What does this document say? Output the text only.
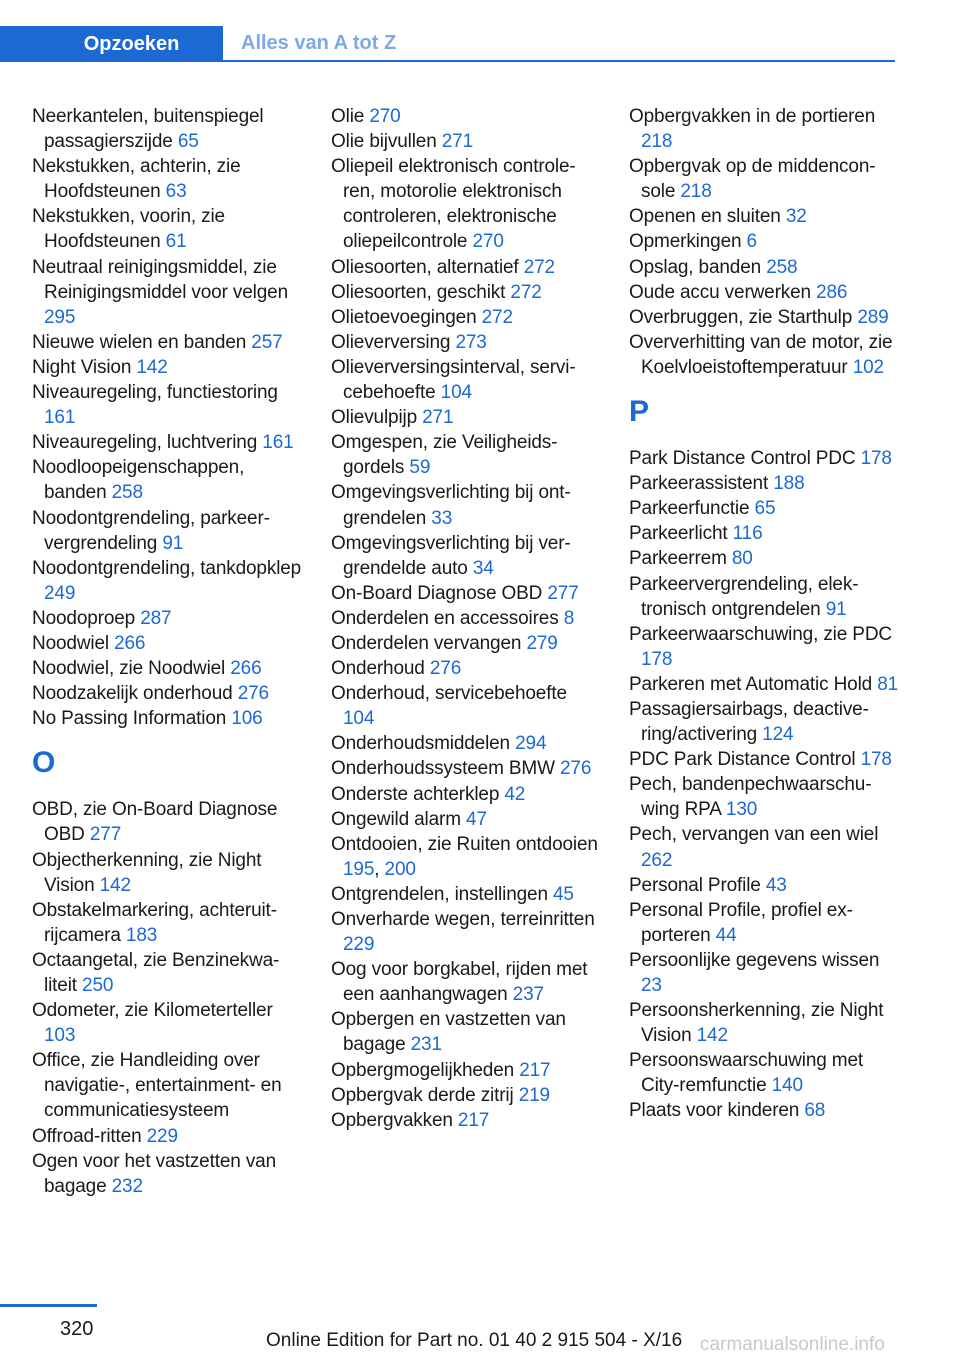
Opzoeken	Alles van A tot Z
Neerkantelen, buitenspiegel passagierszijde 65
Nekstukken, achterin, zie Hoofdsteunen 63
Nekstukken, voorin, zie Hoofdsteunen 61
Neutraal reinigingsmiddel, zie Reinigingsmiddel voor velgen 295
Nieuwe wielen en banden 257
Night Vision 142
Niveauregeling, functiestoring 161
Niveauregeling, luchtvering 161
Noodloopeigenschappen, banden 258
Noodontgrendeling, parkeervergrendeling 91
Noodontgrendeling, tankdopklep 249
Noodoproep 287
Noodwiel 266
Noodwiel, zie Noodwiel 266
Noodzakelijk onderhoud 276
No Passing Information 106
O
OBD, zie On-Board Diagnose OBD 277
Objectherkenning, zie Night Vision 142
Obstakelmarkering, achteruitrijcamera 183
Octaangetal, zie Benzinekwaliteit 250
Odometer, zie Kilometerteller 103
Office, zie Handleiding over navigatie-, entertainment- en communicatiesysteem
Offroad-ritten 229
Ogen voor het vastzetten van bagage 232
Olie 270
Olie bijvullen 271
Oliepeil elektronisch controleren, motorolie elektronisch controleren, elektronische oliepeilcontrole 270
Oliesoorten, alternatief 272
Oliesoorten, geschikt 272
Olietoevoegingen 272
Olieverversing 273
Olieverversingsinterval, servicebehoefte 104
Olievulpijp 271
Omgespen, zie Veiligheidsgordels 59
Omgevingsverlichting bij ontgrendelen 33
Omgevingsverlichting bij vergrendelde auto 34
On-Board Diagnose OBD 277
Onderdelen en accessoires 8
Onderdelen vervangen 279
Onderhoud 276
Onderhoud, servicebehoefte 104
Onderhoudsmiddelen 294
Onderhoudssysteem BMW 276
Onderste achterklep 42
Ongewild alarm 47
Ontdooien, zie Ruiten ontdooien 195, 200
Ontgrendelen, instellingen 45
Onverharde wegen, terreinritten 229
Oog voor borgkabel, rijden met een aanhangwagen 237
Opbergen en vastzetten van bagage 231
Opbergmogelijkheden 217
Opbergvak derde zitrij 219
Opbergvakken 217
Opbergvakken in de portieren 218
Opbergvak op de middenconsole 218
Openen en sluiten 32
Opmerkingen 6
Opslag, banden 258
Oude accu verwerken 286
Overbruggen, zie Starthulp 289
Oververhitting van de motor, zie Koelvloeistoftemperatuur 102
P
Park Distance Control PDC 178
Parkeerassistent 188
Parkeerfunctie 65
Parkeerlicht 116
Parkeerrem 80
Parkeervergrendeling, elektronisch ontgrendelen 91
Parkeerwaarschuwing, zie PDC 178
Parkeren met Automatic Hold 81
Passagiersairbags, deactivering/activering 124
PDC Park Distance Control 178
Pech, bandenpechwaarschuwing RPA 130
Pech, vervangen van een wiel 262
Personal Profile 43
Personal Profile, profiel exporteren 44
Persoonlijke gegevens wissen 23
Persoonsherkenning, zie Night Vision 142
Persoonswaarschuwing met City-remfunctie 140
Plaats voor kinderen 68
320
Online Edition for Part no. 01 40 2 915 504 - X/16 carmanualsonline.info
